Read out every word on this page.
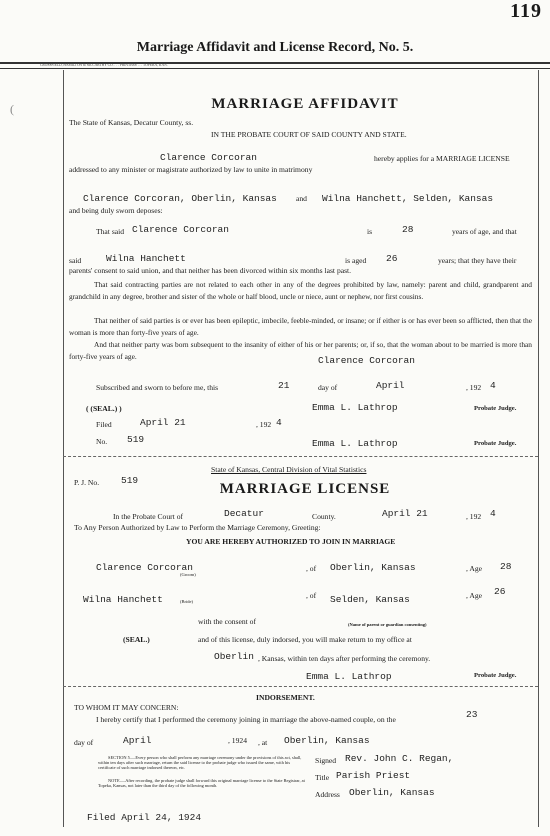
119
Marriage Affidavit and License Record, No. 5.
CROSSFIELD, HAMILTON & MCCARTHY CO. . . . PRINTERS . . . TOPEKA, KAN.
(	MARRIAGE AFFIDAVIT
The State of Kansas, Decatur County, ss.
IN THE PROBATE COURT OF SAID COUNTY AND STATE.
Clarence Corcoran	hereby applies for a MARRIAGE LICENSE
addressed to any minister or magistrate authorized by law to unite in matrimony
Clarence Corcoran, Oberlin, Kansas	and Wilna Hanchett, Selden, Kansas
and being duly sworn deposes:
That said Clarence Corcoran	is	28	years of age, and that
said	Wilna Hanchett	is aged 26	years; that they have their
parents' consent to said union, and that neither has been divorced within six months last past.
That said contracting parties are not related to each other in any of the degrees prohibited by law, namely: parent and child, grandparent and grandchild in any degree, brother and sister of the whole or half blood, uncle or niece, aunt or nephew, nor first cousins.
That neither of said parties is or ever has been epileptic, imbecile, feeble-minded, or insane; or if either is or has ever been so afflicted, then that the woman is more than forty-five years of age.
And that neither party was born subsequent to the insanity of either of his or her parents; or, if so, that the woman about to be married is more than forty-five years of age.	Clarence Corcoran
Subscribed and sworn to before me, this	21	day of	April	, 192 4
( (SEAL.) )	Emma L. Lathrop	Probate Judge.
Filed	April 21	, 192 4
No. 519	Emma L. Lathrop	Probate Judge.
State of Kansas, Central Division of Vital Statistics
P. J. No. 519
MARRIAGE LICENSE
In the Probate Court of	Decatur	County.	April 21	, 192 4
To Any Person Authorized by Law to Perform the Marriage Ceremony, Greeting:
YOU ARE HEREBY AUTHORIZED TO JOIN IN MARRIAGE
Clarence Corcoran
(Groom)
, of Oberlin, Kansas	, Age 28
Wilna Hanchett	(Bride)
, of Selden, Kansas	, Age 26
with the consent of	(Name of parent or guardian consenting)
(SEAL.)	and of this license, duly indorsed, you will make return to my office at
Oberlin , Kansas, within ten days after performing the ceremony.
Emma L. Lathrop	Probate Judge.
INDORSEMENT.
TO WHOM IT MAY CONCERN:
I hereby certify that I performed the ceremony joining in marriage the above-named couple, on the	23
day of	April	, 1924 , at Oberlin, Kansas
Signed Rev. John C. Regan,
Title Parish Priest
Address Oberlin, Kansas
SECTION 5.—Every person who shall perform any marriage ceremony under the provisions of this act, shall, within ten days after such marriage, return the said license to the probate judge who issued the same, with his certificate of such marriage indorsed thereon, etc.
NOTE.—After recording, the probate judge shall forward this original marriage license to the State Registrar, at Topeka, Kansas, not later than the third day of the following month.
Filed April 24, 1924
